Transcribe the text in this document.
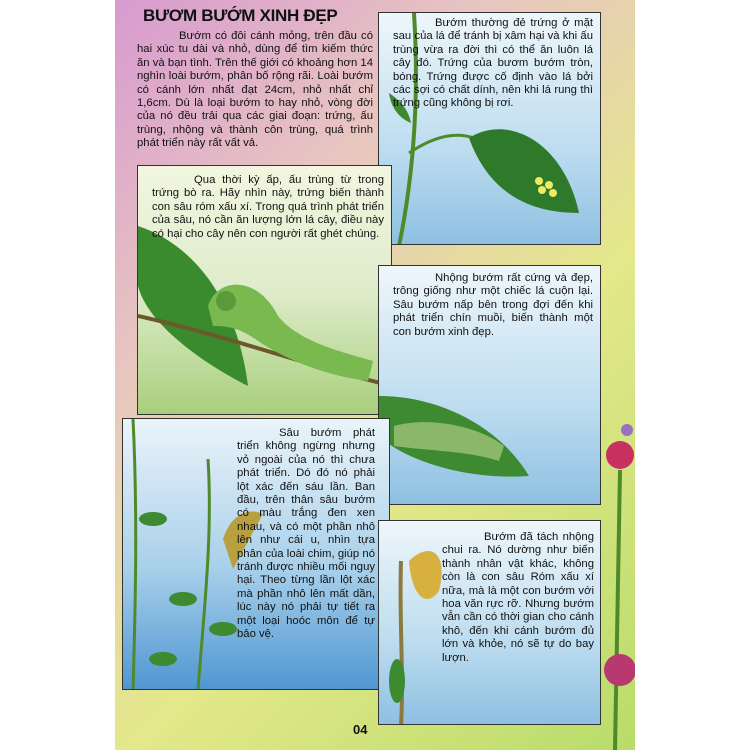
BƯƠM BƯỚM XINH ĐẸP
Bướm có đôi cánh mỏng, trên đầu có hai xúc tu dài và nhỏ, dùng để tìm kiếm thức ăn và bạn tình. Trên thế giới có khoảng hơn 14 nghìn loài bướm, phân bố rộng rãi. Loài bướm có cánh lớn nhất đạt 24cm, nhỏ nhất chỉ 1,6cm. Dù là loại bướm to hay nhỏ, vòng đời của nó đều trải qua các giai đoạn: trứng, ấu trùng, nhộng và thành côn trùng, quá trình phát triển này rất vất vả.
Bướm thường đẻ trứng ở mặt sau của lá để tránh bị xâm hại và khi ấu trùng vừa ra đời thì có thể ăn luôn lá cây đó. Trứng của bươm bướm tròn, bóng. Trứng được cố định vào lá bởi các sợi có chất dính, nên khi lá rung thì trứng cũng không bị rơi.
Qua thời kỳ ấp, ấu trùng từ trong trứng bò ra. Hãy nhìn này, trứng biến thành con sâu róm xấu xí. Trong quá trình phát triển của sâu, nó cần ăn lượng lớn lá cây, điều này có hại cho cây nên con người rất ghét chúng.
Nhộng bướm rất cứng và đẹp, trông giống như một chiếc lá cuộn lại. Sâu bướm nấp bên trong đợi đến khi phát triển chín muồi, biến thành một con bướm xinh đẹp.
Sâu bướm phát triển không ngừng nhưng vỏ ngoài của nó thì chưa phát triển. Dó đó nó phải lột xác đến sáu lần. Ban đầu, trên thân sâu bướm có màu trắng đen xen nhau, và có một phần nhô lên như cái u, nhìn tựa phân của loài chim, giúp nó tránh được nhiều mối nguy hại. Theo từng lần lột xác mà phần nhô lên mất dần, lúc này nó phải tự tiết ra một loại hoóc môn để tự bảo vệ.
Bướm đã tách nhộng chui ra. Nó dường như biến thành nhân vật khác, không còn là con sâu Róm xấu xí nữa, mà là một con bướm với hoa văn rực rỡ. Nhưng bướm vẫn cần có thời gian cho cánh khô, đến khi cánh bướm đủ lớn và khỏe, nó sẽ tự do bay lượn.
04
